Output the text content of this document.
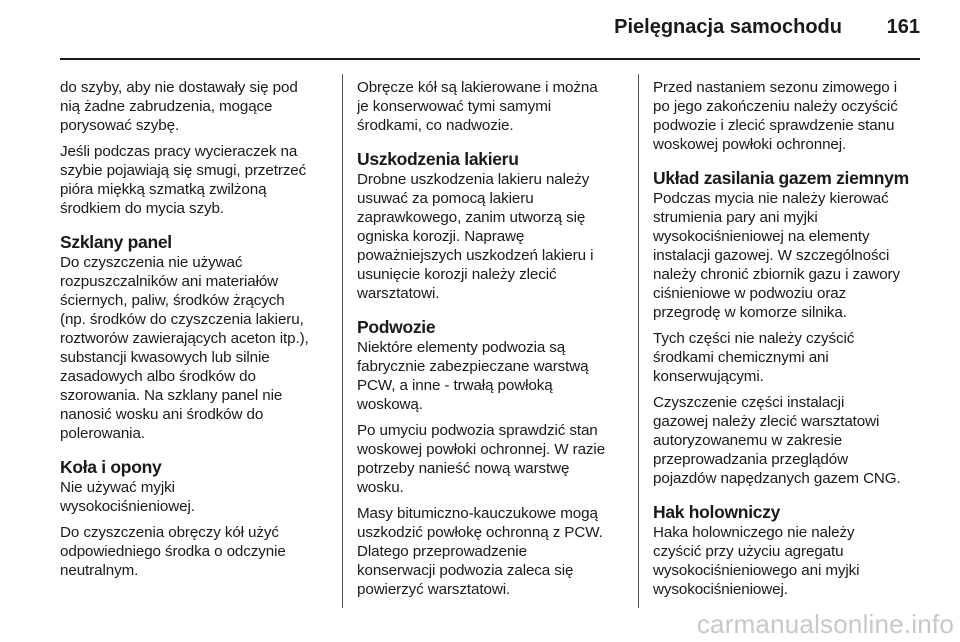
Pielęgnacja samochodu 161

do szyby, aby nie dostawały się pod
nią żadne zabrudzenia, mogące
porysować szybę.

Jeśli podczas pracy wycieraczek na
szybie pojawiają się smugi, przetrzeć
pióra miękką szmatką zwilżoną
środkiem do mycia szyb.

Szklany panel

Do czyszczenia nie używać
rozpuszczalników ani materiałów
ściernych, paliw, środków żrących
(np. środków do czyszczenia lakieru,
roztworów zawierających aceton itp.),
substancji kwasowych lub silnie
zasadowych albo środków do
szorowania. Na szklany panel nie
nanosić wosku ani środków do
polerowania.

Koła i opony

Nie używać myjki
wysokociśnieniowej.

Do czyszczenia obręczy kół użyć
odpowiedniego środka o odczynie
neutralnym.

Obręcze kół są lakierowane i można
je konserwować tymi samymi
środkami, co nadwozie.

Uszkodzenia lakieru

Drobne uszkodzenia lakieru należy
usuwać za pomocą lakieru
zaprawkowego, zanim utworzą się
ogniska korozji. Naprawę
poważniejszych uszkodzeń lakieru i
usunięcie korozji należy zlecić
warsztatowi.

Podwozie

Niektóre elementy podwozia są
fabrycznie zabezpieczane warstwą
PCW, a inne - trwałą powłoką
woskową.

Po umyciu podwozia sprawdzić stan
woskowej powłoki ochronnej. W razie
potrzeby nanieść nową warstwę
wosku.

Masy bitumiczno-kauczukowe mogą
uszkodzić powłokę ochronną z PCW.
Dlatego przeprowadzenie
konserwacji podwozia zaleca się
powierzyć warsztatowi.

Przed nastaniem sezonu zimowego i
po jego zakończeniu należy oczyścić
podwozie i zlecić sprawdzenie stanu
woskowej powłoki ochronnej.

Układ zasilania gazem ziemnym

Podczas mycia nie należy kierować
strumienia pary ani myjki
wysokociśnieniowej na elementy
instalacji gazowej. W szczególności
należy chronić zbiornik gazu i zawory
ciśnieniowe w podwoziu oraz
przegrodę w komorze silnika.

Tych części nie należy czyścić
środkami chemicznymi ani
konserwującymi.

Czyszczenie części instalacji
gazowej należy zlecić warsztatowi
autoryzowanemu w zakresie
przeprowadzania przeglądów
pojazdów napędzanych gazem CNG.

Hak holowniczy

Haka holowniczego nie należy
czyścić przy użyciu agregatu
wysokociśnieniowego ani myjki
wysokociśnieniowej.

carmanualsonline.info
